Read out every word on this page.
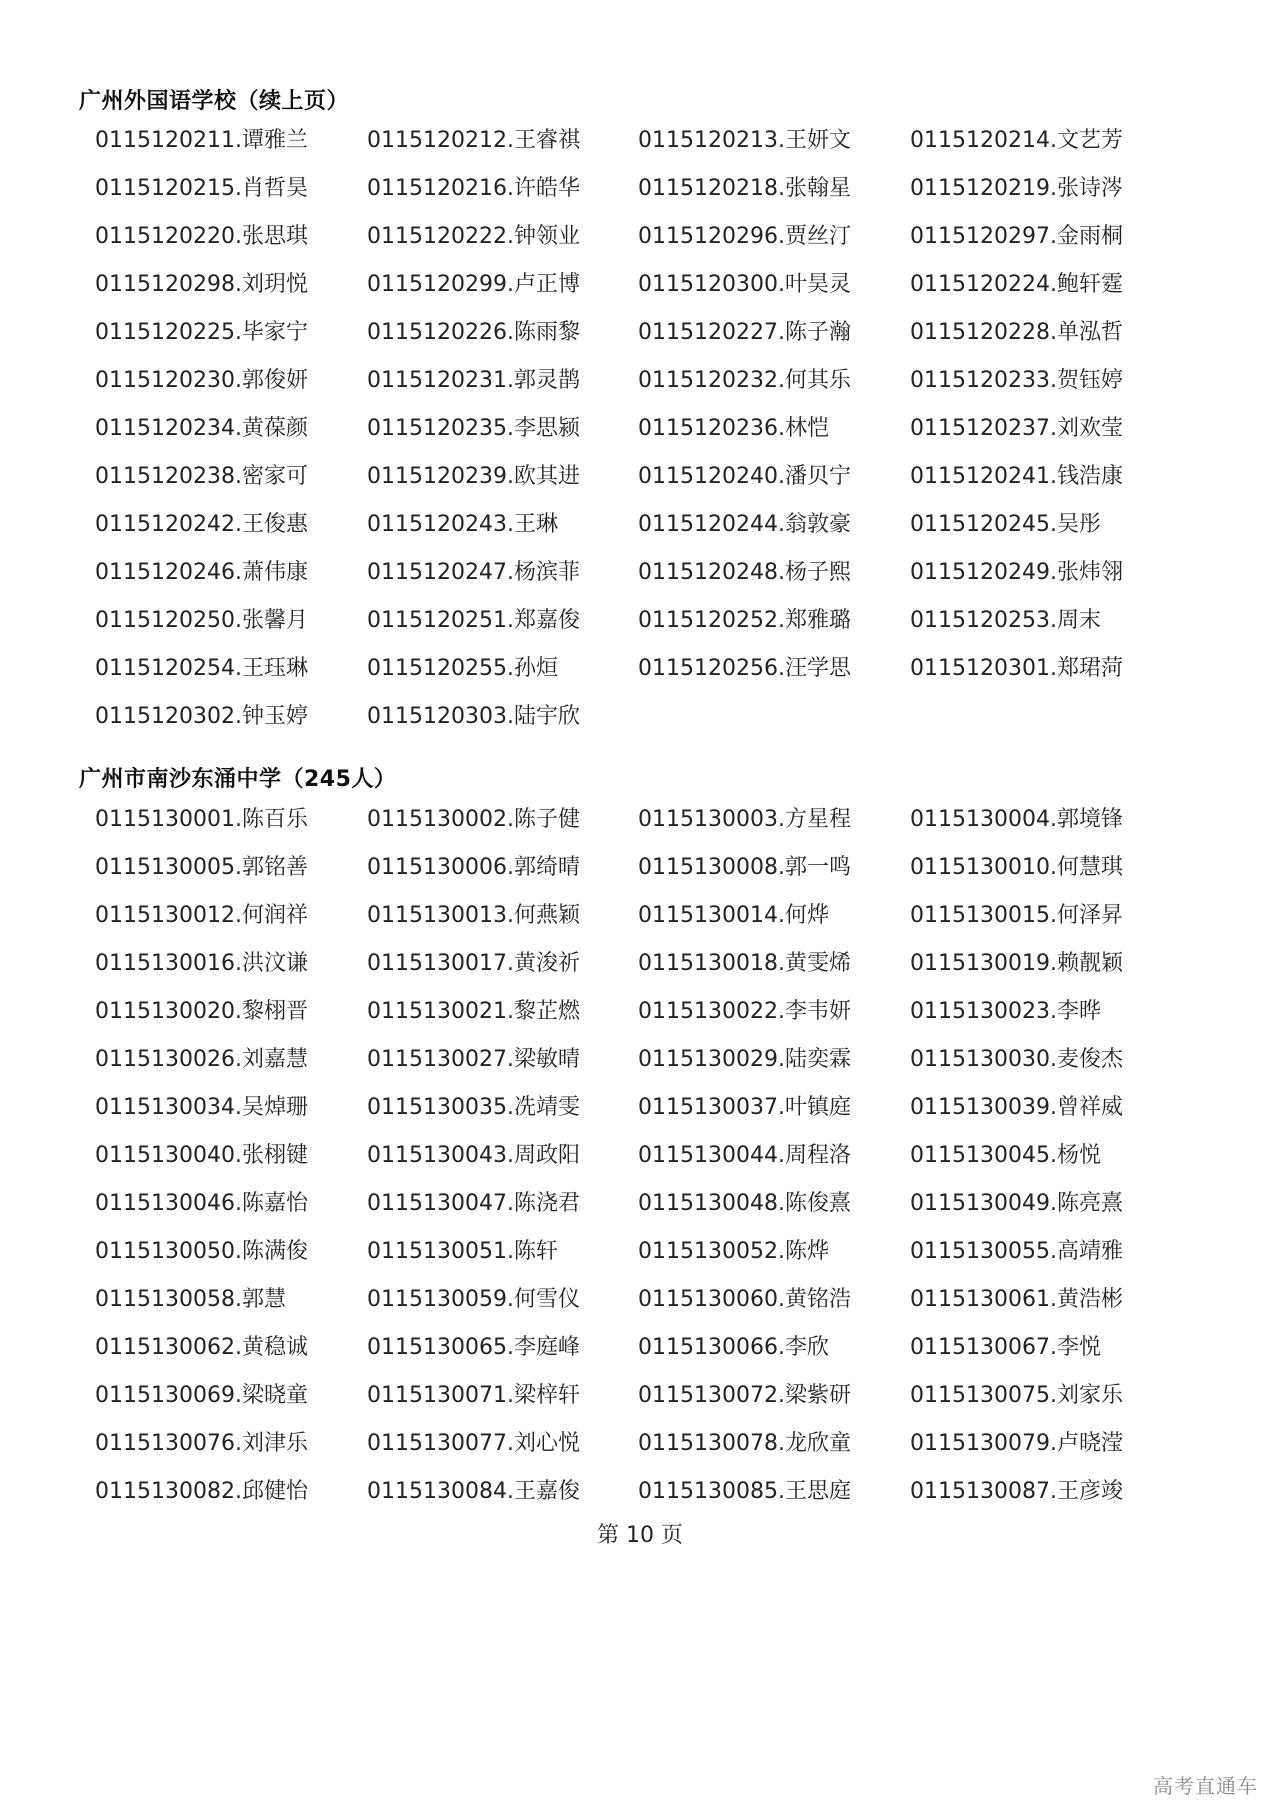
广州外国语学校（续上页）
0115120211.谭雅兰	0115120212.王睿祺	0115120213.王妍文	0115120214.文艺芳
0115120215.肖哲昊	0115120216.许皓华	0115120218.张翰星	0115120219.张诗涔
0115120220.张思琪	0115120222.钟领业	0115120296.贾丝汀	0115120297.金雨桐
0115120298.刘玥悦	0115120299.卢正博	0115120300.叶昊灵	0115120224.鲍轩霆
0115120225.毕家宁	0115120226.陈雨黎	0115120227.陈子瀚	0115120228.单泓哲
0115120230.郭俊妍	0115120231.郭灵鹊	0115120232.何其乐	0115120233.贺钰婷
0115120234.黄葆颜	0115120235.李思颍	0115120236.林恺	0115120237.刘欢莹
0115120238.密家可	0115120239.欧其进	0115120240.潘贝宁	0115120241.钱浩康
0115120242.王俊惠	0115120243.王琳	0115120244.翁敦豪	0115120245.吴彤
0115120246.萧伟康	0115120247.杨滨菲	0115120248.杨子熙	0115120249.张炜翎
0115120250.张馨月	0115120251.郑嘉俊	0115120252.郑雅璐	0115120253.周末
0115120254.王珏琳	0115120255.孙烜	0115120256.汪学思	0115120301.郑珺菏
0115120302.钟玉婷	0115120303.陆宇欣
广州市南沙东涌中学（245人）
0115130001.陈百乐	0115130002.陈子健	0115130003.方星程	0115130004.郭境锋
0115130005.郭铭善	0115130006.郭绮晴	0115130008.郭一鸣	0115130010.何慧琪
0115130012.何润祥	0115130013.何燕颖	0115130014.何烨	0115130015.何泽昇
0115130016.洪汶谦	0115130017.黄浚祈	0115130018.黄雯烯	0115130019.赖靓颖
0115130020.黎栩晋	0115130021.黎芷燃	0115130022.李韦妍	0115130023.李晔
0115130026.刘嘉慧	0115130027.梁敏晴	0115130029.陆奕霖	0115130030.麦俊杰
0115130034.吴焯珊	0115130035.冼靖雯	0115130037.叶镇庭	0115130039.曾祥威
0115130040.张栩键	0115130043.周政阳	0115130044.周程洛	0115130045.杨悦
0115130046.陈嘉怡	0115130047.陈浇君	0115130048.陈俊熹	0115130049.陈亮熹
0115130050.陈满俊	0115130051.陈轩	0115130052.陈烨	0115130055.高靖雅
0115130058.郭慧	0115130059.何雪仪	0115130060.黄铭浩	0115130061.黄浩彬
0115130062.黄稳诚	0115130065.李庭峰	0115130066.李欣	0115130067.李悦
0115130069.梁晓童	0115130071.梁梓轩	0115130072.梁紫研	0115130075.刘家乐
0115130076.刘津乐	0115130077.刘心悦	0115130078.龙欣童	0115130079.卢晓滢
0115130082.邱健怡	0115130084.王嘉俊	0115130085.王思庭	0115130087.王彦竣
第 10 页
高考直通车
